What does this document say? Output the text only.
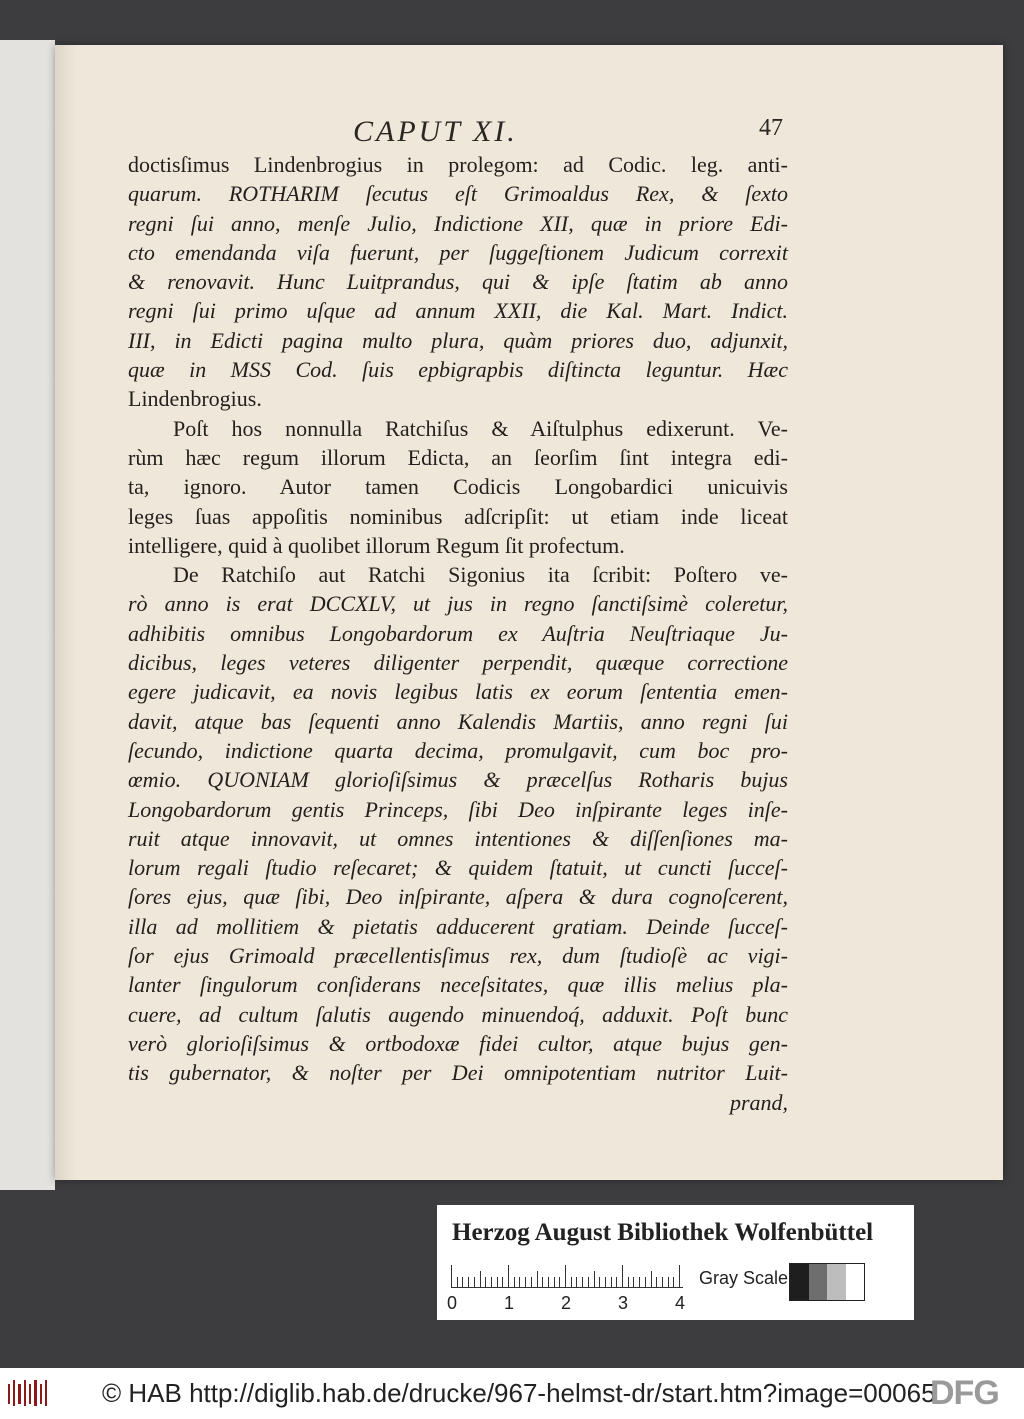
CAPUT XI.	47
doctisſimus Lindenbrogius in prolegom: ad Codic. leg. anti-
quarum. ROTHARIM ſecutus eſt Grimoaldus Rex, & ſexto
regni ſui anno, menſe Julio, Indictione XII, quæ in priore Edi-
cto emendanda viſa fuerunt, per ſuggeſtionem Judicum correxit
& renovavit. Hunc Luitprandus, qui & ipſe ſtatim ab anno
regni ſui primo uſque ad annum XXII, die Kal. Mart. Indict.
III, in Edicti pagina multo plura, quàm priores duo, adjunxit,
quæ in MSS Cod. ſuis epbigrapbis diſtincta leguntur. Hæc
Lindenbrogius.
Poſt hos nonnulla Ratchiſus & Aiſtulphus edixerunt. Ve-
rùm hæc regum illorum Edicta, an ſeorſim ſint integra edi-
ta, ignoro. Autor tamen Codicis Longobardici unicuivis
leges ſuas appoſitis nominibus adſcripſit: ut etiam inde liceat
intelligere, quid à quolibet illorum Regum ſit profectum.
De Ratchiſo aut Ratchi Sigonius ita ſcribit: Poſtero ve-
rò anno is erat DCCXLV, ut jus in regno ſanctiſsimè coleretur,
adhibitis omnibus Longobardorum ex Auſtria Neuſtriaque Ju-
dicibus, leges veteres diligenter perpendit, quæque correctione
egere judicavit, ea novis legibus latis ex eorum ſententia emen-
davit, atque bas ſequenti anno Kalendis Martiis, anno regni ſui
ſecundo, indictione quarta decima, promulgavit, cum boc pro-
œmio. QUONIAM glorioſiſsimus & præcelſus Rotharis bujus
Longobardorum gentis Princeps, ſibi Deo inſpirante leges inſe-
ruit atque innovavit, ut omnes intentiones & diſſenſiones ma-
lorum regali ſtudio reſecaret; & quidem ſtatuit, ut cuncti ſucceſ-
ſores ejus, quæ ſibi, Deo inſpirante, aſpera & dura cognoſcerent,
illa ad mollitiem & pietatis adducerent gratiam. Deinde ſucceſ-
ſor ejus Grimoald præcellentisſimus rex, dum ſtudioſè ac vigi-
lanter ſingulorum conſiderans neceſsitates, quæ illis melius pla-
cuere, ad cultum ſalutis augendo minuendoq́, adduxit. Poſt bunc
verò glorioſiſsimus & ortbodoxæ fidei cultor, atque bujus gen-
tis gubernator, & noſter per Dei omnipotentiam nutritor Luit-
prand,
Herzog August Bibliothek Wolfenbüttel
0	1	2	3	4
Gray Scale
© HAB http://diglib.hab.de/drucke/967-helmst-dr/start.htm?image=00065
DFG
